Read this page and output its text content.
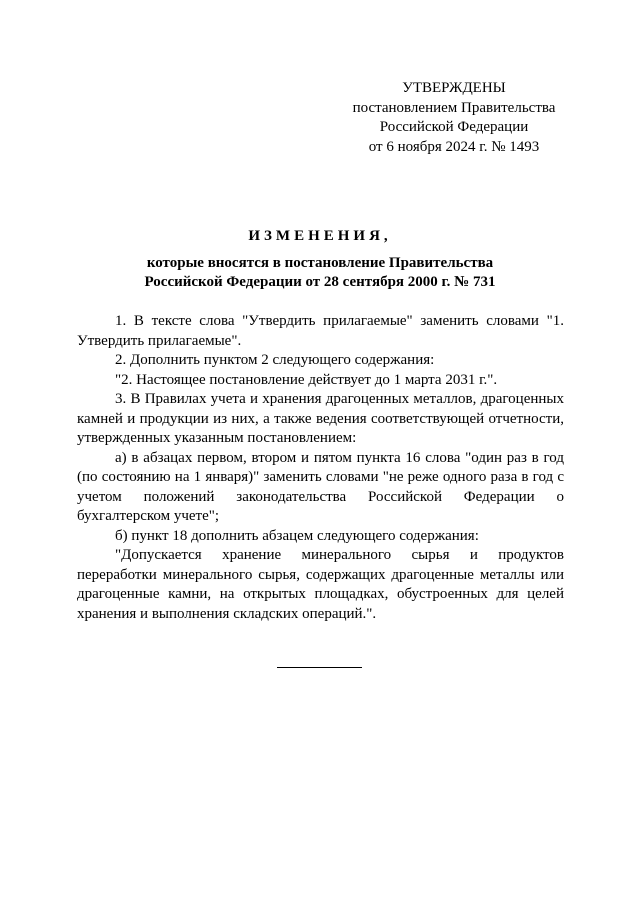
УТВЕРЖДЕНЫ
постановлением Правительства
Российской Федерации
от 6 ноября 2024 г. № 1493
ИЗМЕНЕНИЯ,
которые вносятся в постановление Правительства
Российской Федерации от 28 сентября 2000 г. № 731

1. В тексте слова "Утвердить прилагаемые" заменить словами "1. Утвердить прилагаемые".

2. Дополнить пунктом 2 следующего содержания:

"2. Настоящее постановление действует до 1 марта 2031 г.".

3. В Правилах учета и хранения драгоценных металлов, драгоценных камней и продукции из них, а также ведения соответствующей отчетности, утвержденных указанным постановлением:

а) в абзацах первом, втором и пятом пункта 16 слова "один раз в год (по состоянию на 1 января)" заменить словами "не реже одного раза в год с учетом положений законодательства Российской Федерации о бухгалтерском учете";

б) пункт 18 дополнить абзацем следующего содержания:

"Допускается хранение минерального сырья и продуктов переработки минерального сырья, содержащих драгоценные металлы или драгоценные камни, на открытых площадках, обустроенных для целей хранения и выполнения складских операций.".
